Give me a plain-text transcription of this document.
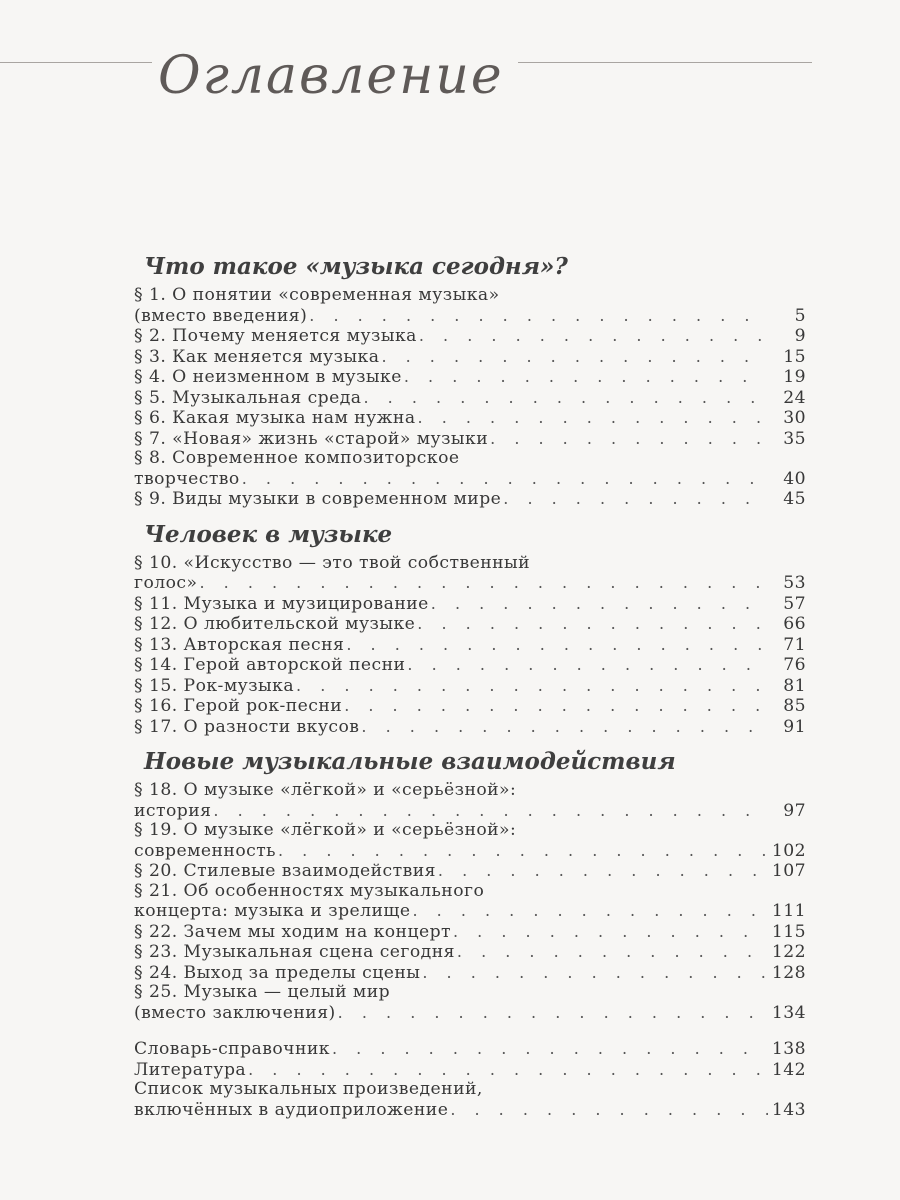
Оглавление
Что такое «музыка сегодня»?
§ 1. О понятии «современная музыка»
(вместо введения) . . .	5
§ 2. Почему меняется музыка . . .	9
§ 3. Как меняется музыка . . .	15
§ 4. О неизменном в музыке . . .	19
§ 5. Музыкальная среда . . .	24
§ 6. Какая музыка нам нужна . . .	30
§ 7. «Новая» жизнь «старой» музыки . . .	35
§ 8. Современное композиторское
творчество . . .	40
§ 9. Виды музыки в современном мире . . .	45
Человек в музыке
§ 10. «Искусство — это твой собственный
голос» . . .	53
§ 11. Музыка и музицирование . . .	57
§ 12. О любительской музыке . . .	66
§ 13. Авторская песня . . .	71
§ 14. Герой авторской песни . . .	76
§ 15. Рок-музыка . . .	81
§ 16. Герой рок-песни . . .	85
§ 17. О разности вкусов . . .	91
Новые музыкальные взаимодействия
§ 18. О музыке «лёгкой» и «серьёзной»:
история . . .	97
§ 19. О музыке «лёгкой» и «серьёзной»:
современность . . .	102
§ 20. Стилевые взаимодействия . . .	107
§ 21. Об особенностях музыкального
концерта: музыка и зрелище . . .	111
§ 22. Зачем мы ходим на концерт . . .	115
§ 23. Музыкальная сцена сегодня . . .	122
§ 24. Выход за пределы сцены . . .	128
§ 25. Музыка — целый мир
(вместо заключения) . . .	134
Словарь-справочник . . .	138
Литература . . .	142
Список музыкальных произведений,
включённых в аудиоприложение . . .	143
